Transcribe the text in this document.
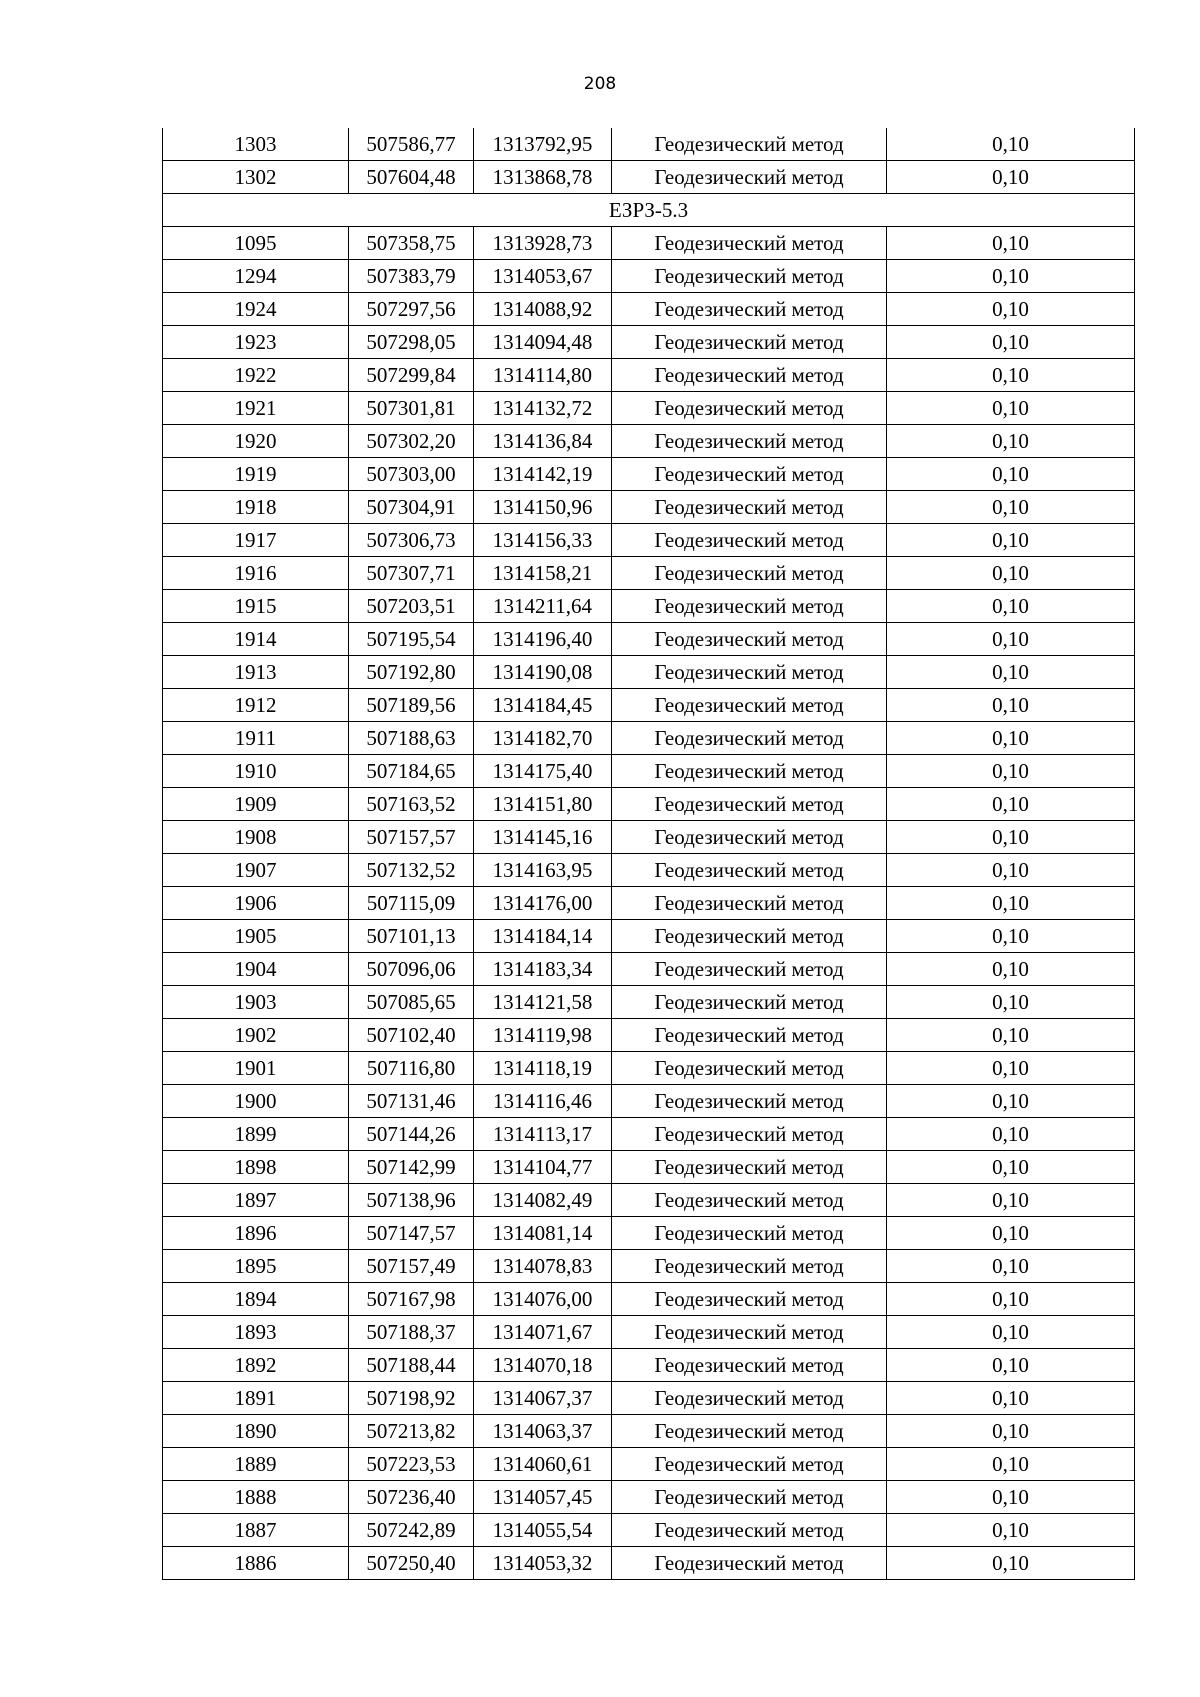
208
1303	507586,77	1313792,95	Геодезический метод	0,10
1302	507604,48	1313868,78	Геодезический метод	0,10
ЕЗРЗ-5.3				
1095	507358,75	1313928,73	Геодезический метод	0,10
1294	507383,79	1314053,67	Геодезический метод	0,10
1924	507297,56	1314088,92	Геодезический метод	0,10
1923	507298,05	1314094,48	Геодезический метод	0,10
1922	507299,84	1314114,80	Геодезический метод	0,10
1921	507301,81	1314132,72	Геодезический метод	0,10
1920	507302,20	1314136,84	Геодезический метод	0,10
1919	507303,00	1314142,19	Геодезический метод	0,10
1918	507304,91	1314150,96	Геодезический метод	0,10
1917	507306,73	1314156,33	Геодезический метод	0,10
1916	507307,71	1314158,21	Геодезический метод	0,10
1915	507203,51	1314211,64	Геодезический метод	0,10
1914	507195,54	1314196,40	Геодезический метод	0,10
1913	507192,80	1314190,08	Геодезический метод	0,10
1912	507189,56	1314184,45	Геодезический метод	0,10
1911	507188,63	1314182,70	Геодезический метод	0,10
1910	507184,65	1314175,40	Геодезический метод	0,10
1909	507163,52	1314151,80	Геодезический метод	0,10
1908	507157,57	1314145,16	Геодезический метод	0,10
1907	507132,52	1314163,95	Геодезический метод	0,10
1906	507115,09	1314176,00	Геодезический метод	0,10
1905	507101,13	1314184,14	Геодезический метод	0,10
1904	507096,06	1314183,34	Геодезический метод	0,10
1903	507085,65	1314121,58	Геодезический метод	0,10
1902	507102,40	1314119,98	Геодезический метод	0,10
1901	507116,80	1314118,19	Геодезический метод	0,10
1900	507131,46	1314116,46	Геодезический метод	0,10
1899	507144,26	1314113,17	Геодезический метод	0,10
1898	507142,99	1314104,77	Геодезический метод	0,10
1897	507138,96	1314082,49	Геодезический метод	0,10
1896	507147,57	1314081,14	Геодезический метод	0,10
1895	507157,49	1314078,83	Геодезический метод	0,10
1894	507167,98	1314076,00	Геодезический метод	0,10
1893	507188,37	1314071,67	Геодезический метод	0,10
1892	507188,44	1314070,18	Геодезический метод	0,10
1891	507198,92	1314067,37	Геодезический метод	0,10
1890	507213,82	1314063,37	Геодезический метод	0,10
1889	507223,53	1314060,61	Геодезический метод	0,10
1888	507236,40	1314057,45	Геодезический метод	0,10
1887	507242,89	1314055,54	Геодезический метод	0,10
1886	507250,40	1314053,32	Геодезический метод	0,10
